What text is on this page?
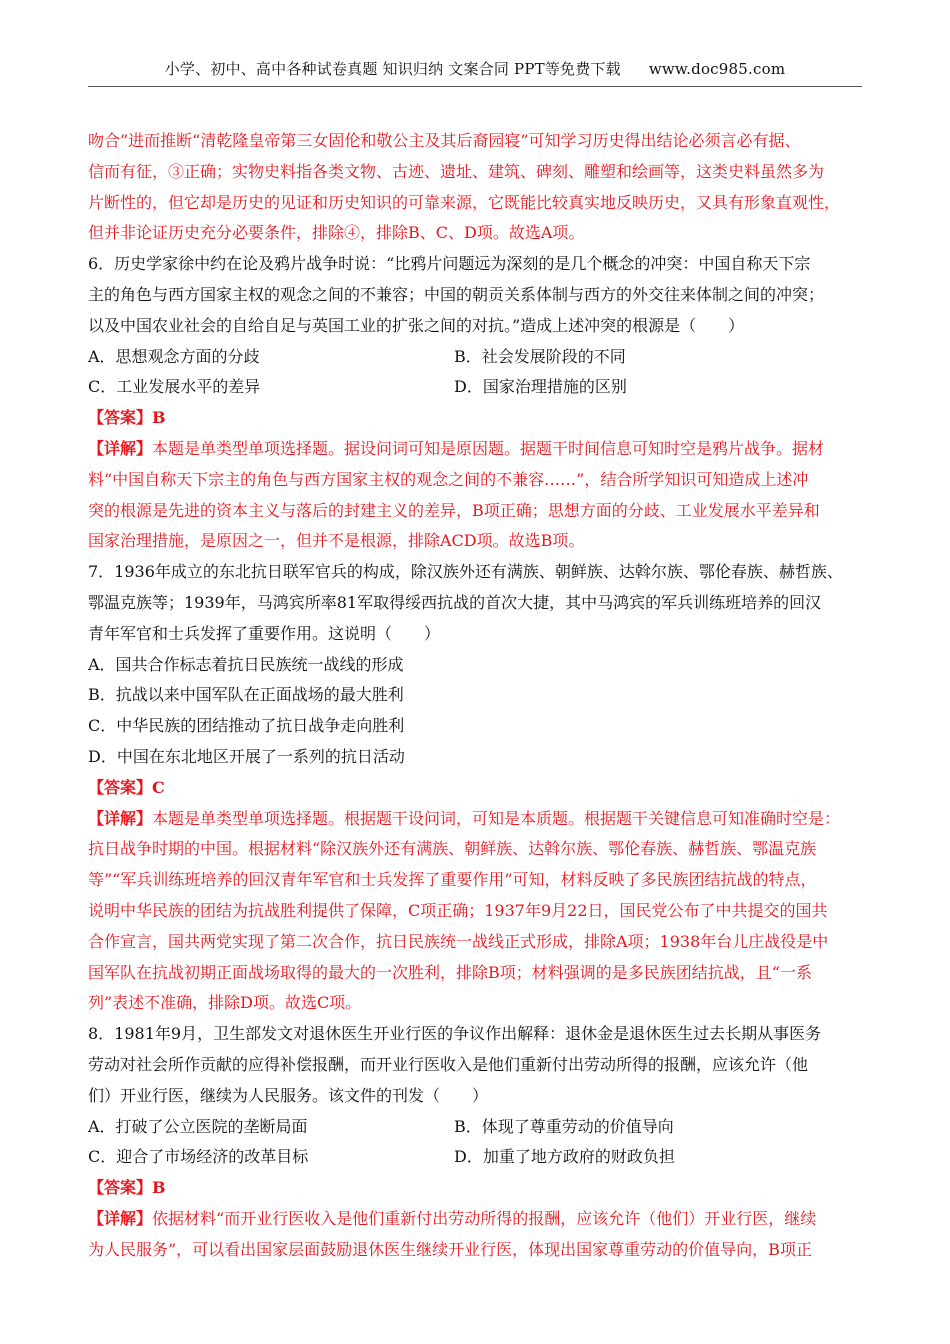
小学、初中、高中各种试卷真题 知识归纳 文案合同 PPT等免费下载 www.doc985.com

吻合”进而推断“清乾隆皇帝第三女固伦和敬公主及其后裔园寝”可知学习历史得出结论必须言必有据、

信而有征，③正确；实物史料指各类文物、古迹、遗址、建筑、碑刻、雕塑和绘画等，这类史料虽然多为

片断性的，但它却是历史的见证和历史知识的可靠来源，它既能比较真实地反映历史，又具有形象直观性，

但并非论证历史充分必要条件，排除④，排除B、C、D项。故选A项。

6．历史学家徐中约在论及鸦片战争时说：“比鸦片问题远为深刻的是几个概念的冲突：中国自称天下宗

主的角色与西方国家主权的观念之间的不兼容；中国的朝贡关系体制与西方的外交往来体制之间的冲突；

以及中国农业社会的自给自足与英国工业的扩张之间的对抗。”造成上述冲突的根源是（　　）

A．思想观念方面的分歧	B．社会发展阶段的不同
C．工业发展水平的差异	D．国家治理措施的区别

【答案】B

【详解】本题是单类型单项选择题。据设问词可知是原因题。据题干时间信息可知时空是鸦片战争。据材

料“中国自称天下宗主的角色与西方国家主权的观念之间的不兼容……”，结合所学知识可知造成上述冲

突的根源是先进的资本主义与落后的封建主义的差异，B项正确；思想方面的分歧、工业发展水平差异和

国家治理措施，是原因之一，但并不是根源，排除ACD项。故选B项。

7．1936年成立的东北抗日联军官兵的构成，除汉族外还有满族、朝鲜族、达斡尔族、鄂伦春族、赫哲族、

鄂温克族等；1939年，马鸿宾所率81军取得绥西抗战的首次大捷，其中马鸿宾的军兵训练班培养的回汉

青年军官和士兵发挥了重要作用。这说明（　　）

A．国共合作标志着抗日民族统一战线的形成

B．抗战以来中国军队在正面战场的最大胜利

C．中华民族的团结推动了抗日战争走向胜利

D．中国在东北地区开展了一系列的抗日活动

【答案】C

【详解】本题是单类型单项选择题。根据题干设问词，可知是本质题。根据题干关键信息可知准确时空是：

抗日战争时期的中国。根据材料“除汉族外还有满族、朝鲜族、达斡尔族、鄂伦春族、赫哲族、鄂温克族

等”“军兵训练班培养的回汉青年军官和士兵发挥了重要作用”可知，材料反映了多民族团结抗战的特点，

说明中华民族的团结为抗战胜利提供了保障，C项正确；1937年9月22日，国民党公布了中共提交的国共

合作宣言，国共两党实现了第二次合作，抗日民族统一战线正式形成，排除A项；1938年台儿庄战役是中

国军队在抗战初期正面战场取得的最大的一次胜利，排除B项；材料强调的是多民族团结抗战，且“一系

列”表述不准确，排除D项。故选C项。

8．1981年9月，卫生部发文对退休医生开业行医的争议作出解释：退休金是退休医生过去长期从事医务

劳动对社会所作贡献的应得补偿报酬，而开业行医收入是他们重新付出劳动所得的报酬，应该允许（他

们）开业行医，继续为人民服务。该文件的刊发（　　）

A．打破了公立医院的垄断局面	B．体现了尊重劳动的价值导向
C．迎合了市场经济的改革目标	D．加重了地方政府的财政负担

【答案】B

【详解】依据材料“而开业行医收入是他们重新付出劳动所得的报酬，应该允许（他们）开业行医，继续

为人民服务”，可以看出国家层面鼓励退休医生继续开业行医，体现出国家尊重劳动的价值导向，B项正
